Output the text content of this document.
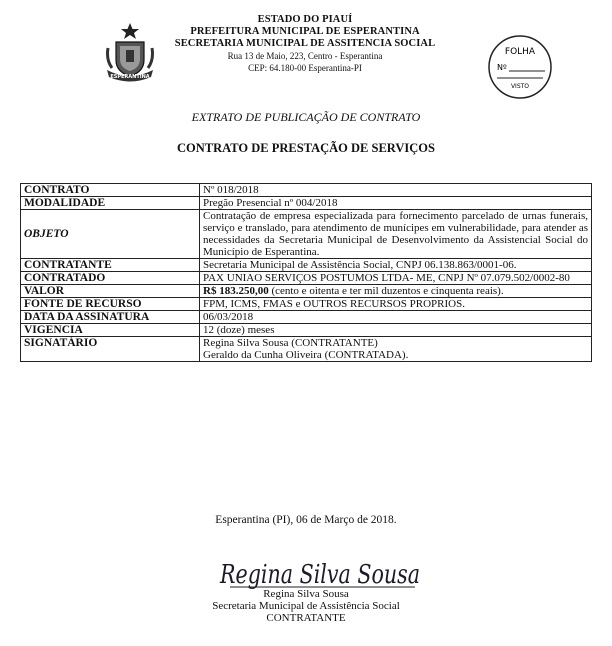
ESPERANTINA
ESTADO DO PIAUÍ
PREFEITURA MUNICIPAL DE ESPERANTINA
SECRETARIA MUNICIPAL DE ASSITENCIA SOCIAL
Rua 13 de Maio, 223, Centro - Esperantina
CEP: 64.180-00 Esperantina-PI
FOLHA
Nº
VISTO
EXTRATO DE PUBLICAÇÃO DE CONTRATO
CONTRATO DE PRESTAÇÃO DE SERVIÇOS
CONTRATO	Nº 018/2018
MODALIDADE	Pregão Presencial nº 004/2018
OBJETO	Contratação de empresa especializada para fornecimento parcelado de urnas funerais, serviço e translado, para atendimento de munícipes em vulnerabilidade, para atender as necessidades da Secretaria Municipal de Desenvolvimento da Assistencial Social do Município de Esperantina.
CONTRATANTE	Secretaria Municipal de Assistência Social, CNPJ 06.138.863/0001-06.
CONTRATADO	PAX UNIAO SERVIÇOS POSTUMOS LTDA- ME, CNPJ Nº 07.079.502/0002-80
VALOR	R$ 183.250,00 (cento e oitenta e ter mil duzentos e cinquenta reais).
FONTE DE RECURSO	FPM, ICMS, FMAS e OUTROS RECURSOS PROPRIOS.
DATA DA ASSINATURA	06/03/2018
VIGENCIA	12 (doze) meses
SIGNATÁRIO	Regina Silva Sousa (CONTRATANTE)
Geraldo da Cunha Oliveira (CONTRATADA).
Esperantina (PI), 06 de Março de 2018.
Regina Silva Sousa
Regina Silva Sousa
Secretaria Municipal de Assistência Social
CONTRATANTE
